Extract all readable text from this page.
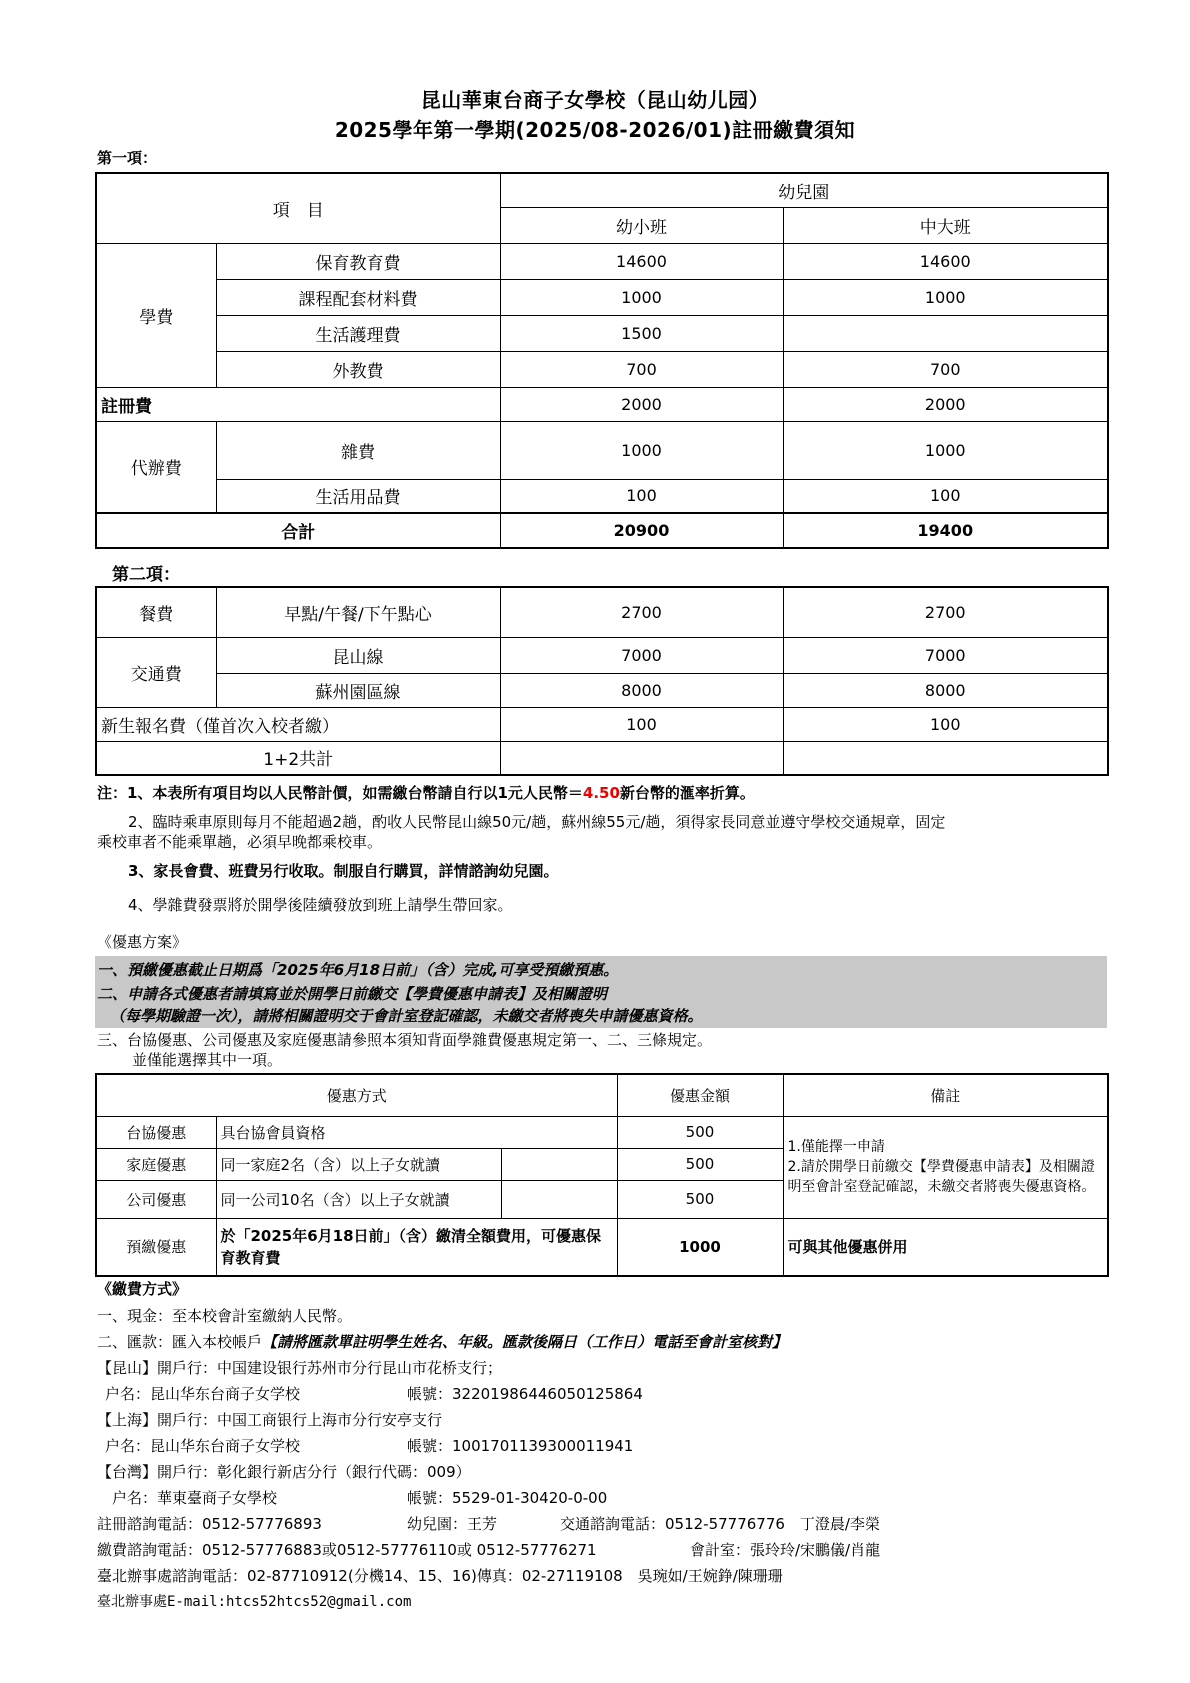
昆山華東台商子女學校（昆山幼儿园）
2025學年第一學期(2025/08-2026/01)註冊繳費須知
第一項：
項　目		幼兒園	
		幼小班	中大班
學費	保育教育費	14600	14600
	課程配套材料費	1000	1000
	生活護理費	1500	
	外教費	700	700
註冊費		2000	2000
代辦費	雜費	1000	1000
	生活用品費	100	100
合計		20900	19400
第二項：
餐費	早點/午餐/下午點心	2700	2700
交通費	昆山線	7000	7000
	蘇州園區線	8000	8000
新生報名費（僅首次入校者繳）		100	100
1+2共計			
注：1、本表所有項目均以人民幣計價，如需繳台幣請自行以1元人民幣＝4.50新台幣的滙率折算。
2、臨時乘車原則每月不能超過2趟，酌收人民幣昆山線50元/趟，蘇州線55元/趟，須得家長同意並遵守學校交通規章，固定
乘校車者不能乘單趟，必須早晚都乘校車。
3、家長會費、班費另行收取。制服自行購買，詳情諮詢幼兒園。
4、學雜費發票將於開學後陸續發放到班上請學生帶回家。
《優惠方案》
一、預繳優惠截止日期爲「2025年6月18日前」（含）完成,可享受預繳預惠。
二、申請各式優惠者請填寫並於開學日前繳交【學費優惠申請表】及相關證明
（每學期驗證一次），請將相關證明交于會計室登記確認，未繳交者將喪失申請優惠資格。
三、台協優惠、公司優惠及家庭優惠請參照本須知背面學雜費優惠規定第一、二、三條規定。
並僅能選擇其中一項。
優惠方式			優惠金額	備註
台協優惠	具台協會員資格		500	1.僅能擇一申請
2.請於開學日前繳交【學費優惠申請表】及相關證明至會計室登記確認，未繳交者將喪失優惠資格。

家庭優惠	同一家庭2名（含）以上子女就讀		500	
公司優惠	同一公司10名（含）以上子女就讀		500	
預繳優惠	於「2025年6月18日前」（含）繳清全額費用，可優惠保育教育費		1000	可與其他優惠併用
《繳費方式》
一、現金：至本校會計室繳納人民幣。
二、匯款：匯入本校帳戶【請將匯款單註明學生姓名、年級。匯款後隔日（工作日）電話至會計室核對】
【昆山】開戶行：中国建设银行苏州市分行昆山市花桥支行；
户名：昆山华东台商子女学校	帳號：32201986446050125864
【上海】開戶行：中国工商银行上海市分行安亭支行
户名：昆山华东台商子女学校	帳號：1001701139300011941
【台灣】開戶行：彰化銀行新店分行（銀行代碼：009）
户名：華東臺商子女學校	帳號：5529-01-30420-0-00
註冊諮詢電話：0512-57776893	幼兒園：王芳	交通諮詢電話：0512-57776776　丁澄晨/李榮
繳費諮詢電話：0512-57776883或0512-57776110或 0512-57776271	會計室：張玲玲/宋鵬儀/肖龍
臺北辦事處諮詢電話：02-87710912(分機14、15、16)傳真：02-27119108　吳琬如/王婉錚/陳珊珊
臺北辦事處E-mail:htcs52htcs52@gmail.com
